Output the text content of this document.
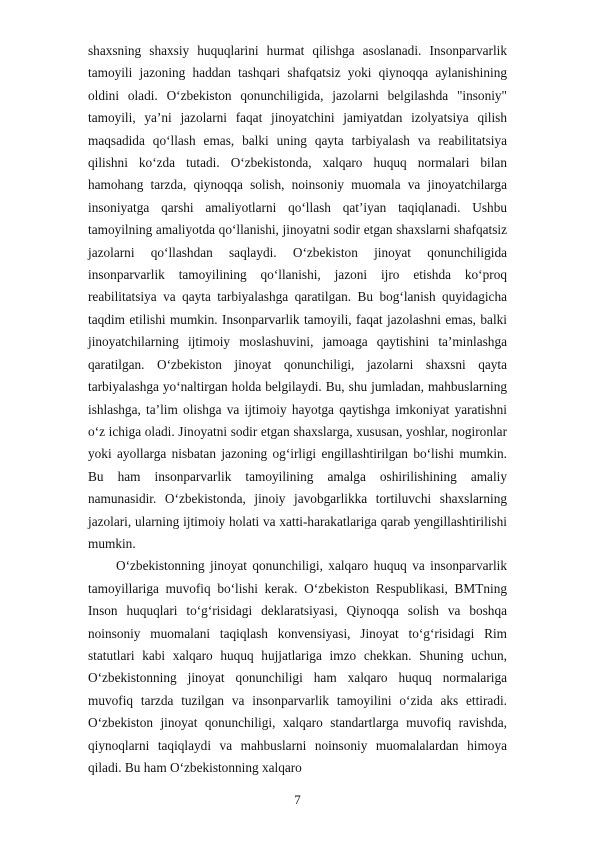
shaxsning shaxsiy huquqlarini hurmat qilishga asoslanadi. Insonparvarlik tamoyili jazoning haddan tashqari shafqatsiz yoki qiynoqqa aylanishining oldini oladi. O‘zbekiston qonunchiligida, jazolarni belgilashda "insoniy" tamoyili, ya’ni jazolarni faqat jinoyatchini jamiyatdan izolyatsiya qilish maqsadida qo‘llash emas, balki uning qayta tarbiyalash va reabilitatsiya qilishni ko‘zda tutadi. O‘zbekistonda, xalqaro huquq normalari bilan hamohang tarzda, qiynoqqa solish, noinsoniy muomala va jinoyatchilarga insoniyatga qarshi amaliyotlarni qo‘llash qat’iyan taqiqlanadi. Ushbu tamoyilning amaliyotda qo‘llanishi, jinoyatni sodir etgan shaxslarni shafqatsiz jazolarni qo‘llashdan saqlaydi. O‘zbekiston jinoyat qonunchiligida insonparvarlik tamoyilining qo‘llanishi, jazoni ijro etishda ko‘proq reabilitatsiya va qayta tarbiyalashga qaratilgan. Bu bog‘lanish quyidagicha taqdim etilishi mumkin. Insonparvarlik tamoyili, faqat jazolashni emas, balki jinoyatchilarning ijtimoiy moslashuvini, jamoaga qaytishini ta’minlashga qaratilgan. O‘zbekiston jinoyat qonunchiligi, jazolarni shaxsni qayta tarbiyalashga yo‘naltirgan holda belgilaydi. Bu, shu jumladan, mahbuslarning ishlashga, ta’lim olishga va ijtimoiy hayotga qaytishga imkoniyat yaratishni o‘z ichiga oladi. Jinoyatni sodir etgan shaxslarga, xususan, yoshlar, nogironlar yoki ayollarga nisbatan jazoning og‘irligi engillashtirilgan bo‘lishi mumkin. Bu ham insonparvarlik tamoyilining amalga oshirilishining amaliy namunasidir. O‘zbekistonda, jinoiy javobgarlikka tortiluvchi shaxslarning jazolari, ularning ijtimoiy holati va xatti-harakatlariga qarab yengillashtirilishi mumkin.

O‘zbekistonning jinoyat qonunchiligi, xalqaro huquq va insonparvarlik tamoyillariga muvofiq bo‘lishi kerak. O‘zbekiston Respublikasi, BMTning Inson huquqlari to‘g‘risidagi deklaratsiyasi, Qiynoqqa solish va boshqa noinsoniy muomalani taqiqlash konvensiyasi, Jinoyat to‘g‘risidagi Rim statutlari kabi xalqaro huquq hujjatlariga imzo chekkan. Shuning uchun, O‘zbekistonning jinoyat qonunchiligi ham xalqaro huquq normalariga muvofiq tarzda tuzilgan va insonparvarlik tamoyilini o‘zida aks ettiradi. O‘zbekiston jinoyat qonunchiligi, xalqaro standartlarga muvofiq ravishda, qiynoqlarni taqiqlaydi va mahbuslarni noinsoniy muomalalardan himoya qiladi. Bu ham O‘zbekistonning xalqaro

7
